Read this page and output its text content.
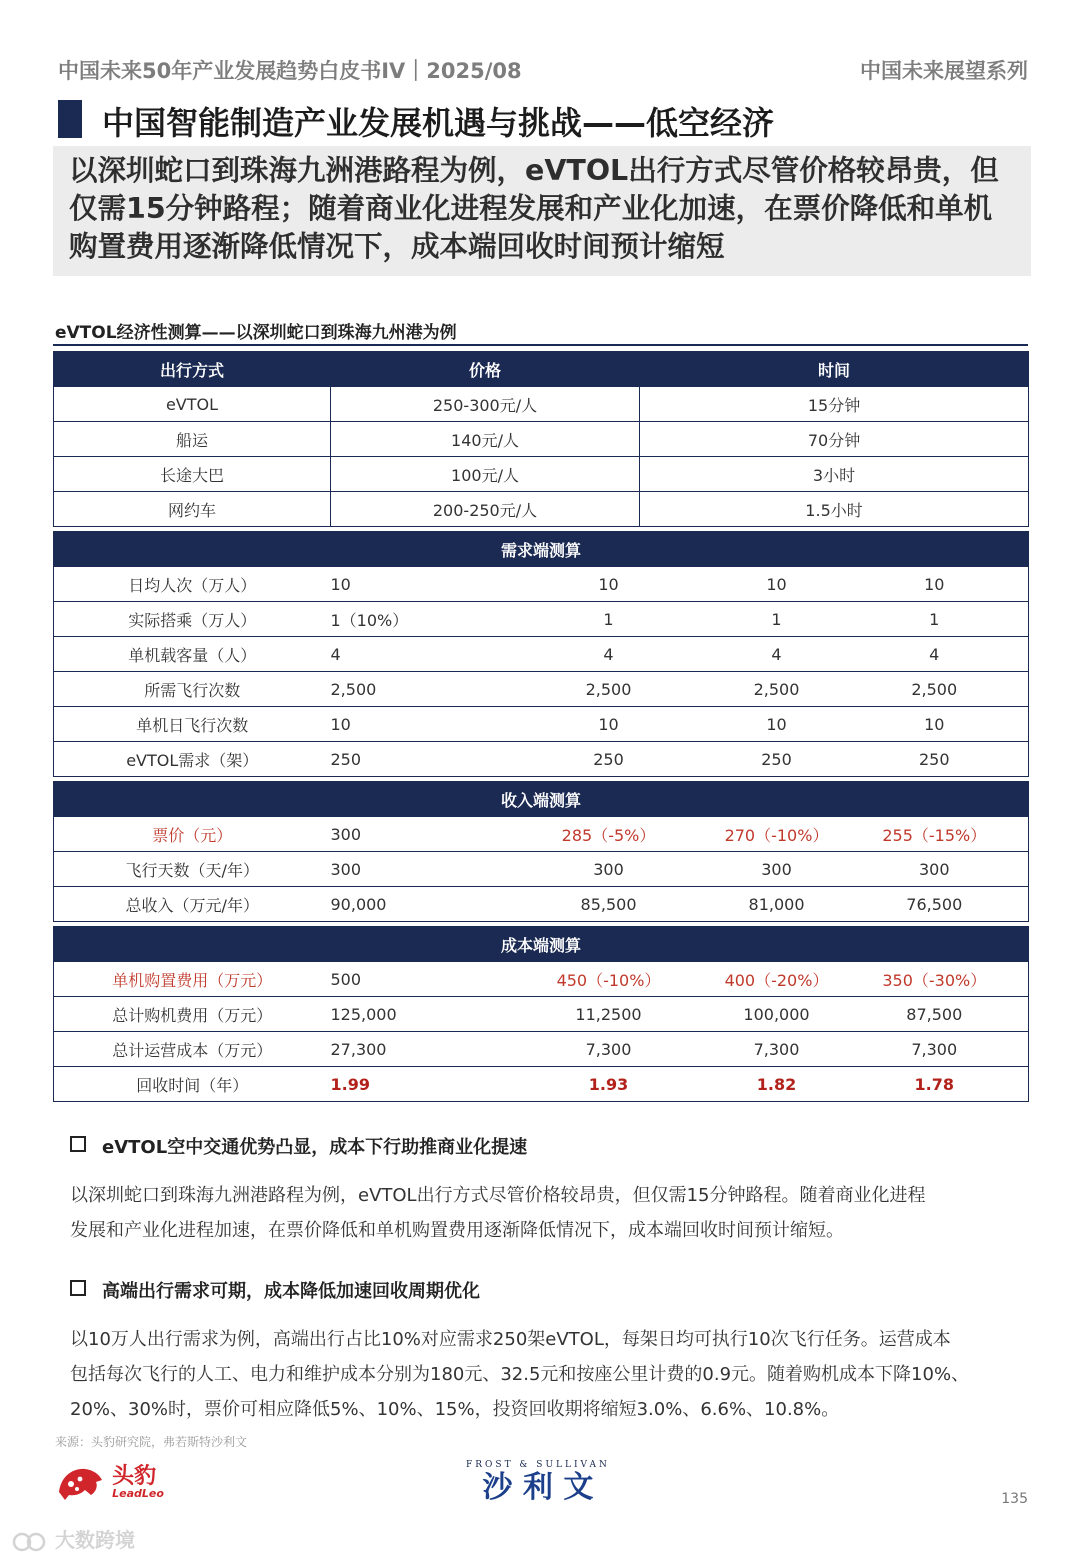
中国未来50年产业发展趋势白皮书IV｜2025/08	中国未来展望系列
中国智能制造产业发展机遇与挑战——低空经济

以深圳蛇口到珠海九洲港路程为例，eVTOL出行方式尽管价格较昂贵，但仅需15分钟路程；随着商业化进程发展和产业化加速，在票价降低和单机购置费用逐渐降低情况下，成本端回收时间预计缩短

eVTOL经济性测算——以深圳蛇口到珠海九州港为例
出行方式	价格		时间		
eVTOL	250-300元/人		15分钟		
船运	140元/人		70分钟		
长途大巴	100元/人		3小时		
网约车	200-250元/人		1.5小时		

需求端测算					
日均人次（万人）	10	10		10	10
实际搭乘（万人）	1（10%）	1		1	1
单机载客量（人）	4	4		4	4
所需飞行次数	2,500	2,500		2,500	2,500
单机日飞行次数	10	10		10	10
eVTOL需求（架）	250	250		250	250

收入端测算					
票价（元）	300	285（-5%）		270（-10%）	255（-15%）
飞行天数（天/年）	300	300		300	300
总收入（万元/年）	90,000	85,500		81,000	76,500

成本端测算					
单机购置费用（万元）	500	450（-10%）		400（-20%）	350（-30%）
总计购机费用（万元）	125,000	11,2500		100,000	87,500
总计运营成本（万元）	27,300	7,300		7,300	7,300
回收时间（年）	1.99	1.93		1.82	1.78
eVTOL空中交通优势凸显，成本下行助推商业化提速
以深圳蛇口到珠海九洲港路程为例，eVTOL出行方式尽管价格较昂贵，但仅需15分钟路程。随着商业化进程
发展和产业化进程加速，在票价降低和单机购置费用逐渐降低情况下，成本端回收时间预计缩短。
高端出行需求可期，成本降低加速回收周期优化
以10万人出行需求为例，高端出行占比10%对应需求250架eVTOL，每架日均可执行10次飞行任务。运营成本
包括每次飞行的人工、电力和维护成本分别为180元、32.5元和按座公里计费的0.9元。随着购机成本下降10%、
20%、30%时，票价可相应降低5%、10%、15%，投资回收期将缩短3.0%、6.6%、10.8%。
来源：头豹研究院，弗若斯特沙利文

头豹
LeadLeo
FROST & SULLIVAN
沙 利 文	135
大数跨境
